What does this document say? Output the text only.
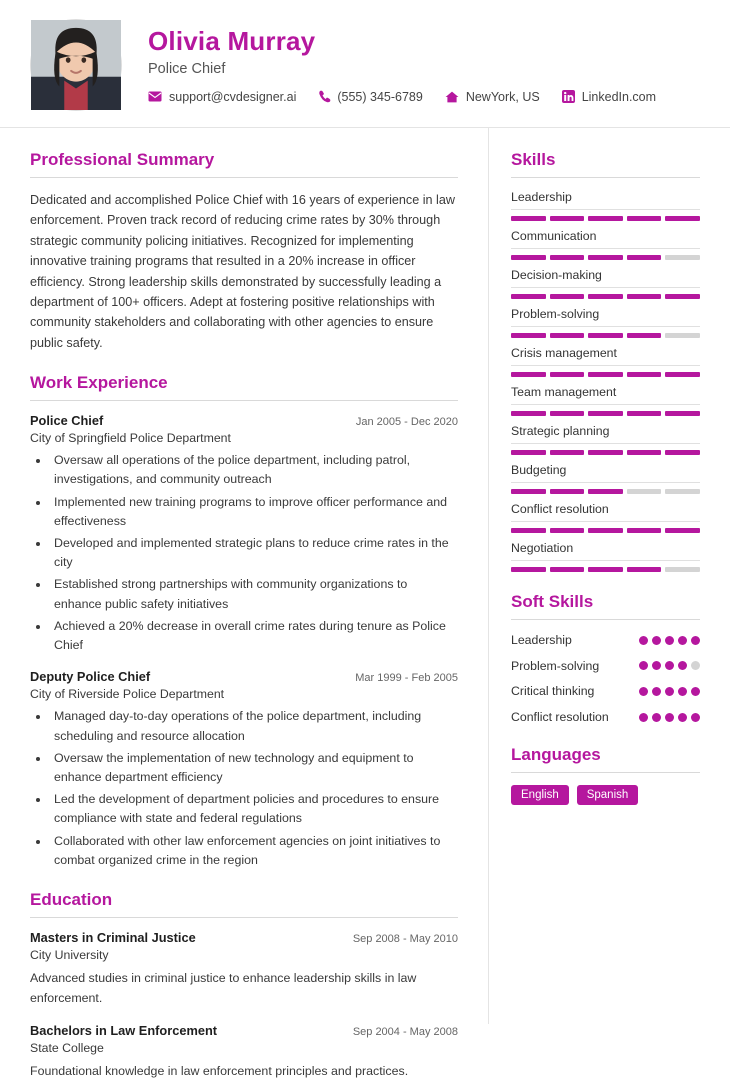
Olivia Murray
Police Chief
support@cvdesigner.ai	(555) 345-6789	NewYork, US	LinkedIn.com
Professional Summary
Dedicated and accomplished Police Chief with 16 years of experience in law enforcement. Proven track record of reducing crime rates by 30% through strategic community policing initiatives. Recognized for implementing innovative training programs that resulted in a 20% increase in officer efficiency. Strong leadership skills demonstrated by successfully leading a department of 100+ officers. Adept at fostering positive relationships with community stakeholders and collaborating with other agencies to ensure public safety.
Work Experience
Police Chief	Jan 2005 - Dec 2020
City of Springfield Police Department
• Oversaw all operations of the police department, including patrol, investigations, and community outreach
• Implemented new training programs to improve officer performance and effectiveness
• Developed and implemented strategic plans to reduce crime rates in the city
• Established strong partnerships with community organizations to enhance public safety initiatives
• Achieved a 20% decrease in overall crime rates during tenure as Police Chief
Deputy Police Chief	Mar 1999 - Feb 2005
City of Riverside Police Department
• Managed day-to-day operations of the police department, including scheduling and resource allocation
• Oversaw the implementation of new technology and equipment to enhance department efficiency
• Led the development of department policies and procedures to ensure compliance with state and federal regulations
• Collaborated with other law enforcement agencies on joint initiatives to combat organized crime in the region
Education
Masters in Criminal Justice	Sep 2008 - May 2010
City University
Advanced studies in criminal justice to enhance leadership skills in law enforcement.
Bachelors in Law Enforcement	Sep 2004 - May 2008
State College
Foundational knowledge in law enforcement principles and practices.
Skills
Leadership
Communication
Decision-making
Problem-solving
Crisis management
Team management
Strategic planning
Budgeting
Conflict resolution
Negotiation
Soft Skills
Leadership
Problem-solving
Critical thinking
Conflict resolution
Languages
English	Spanish
